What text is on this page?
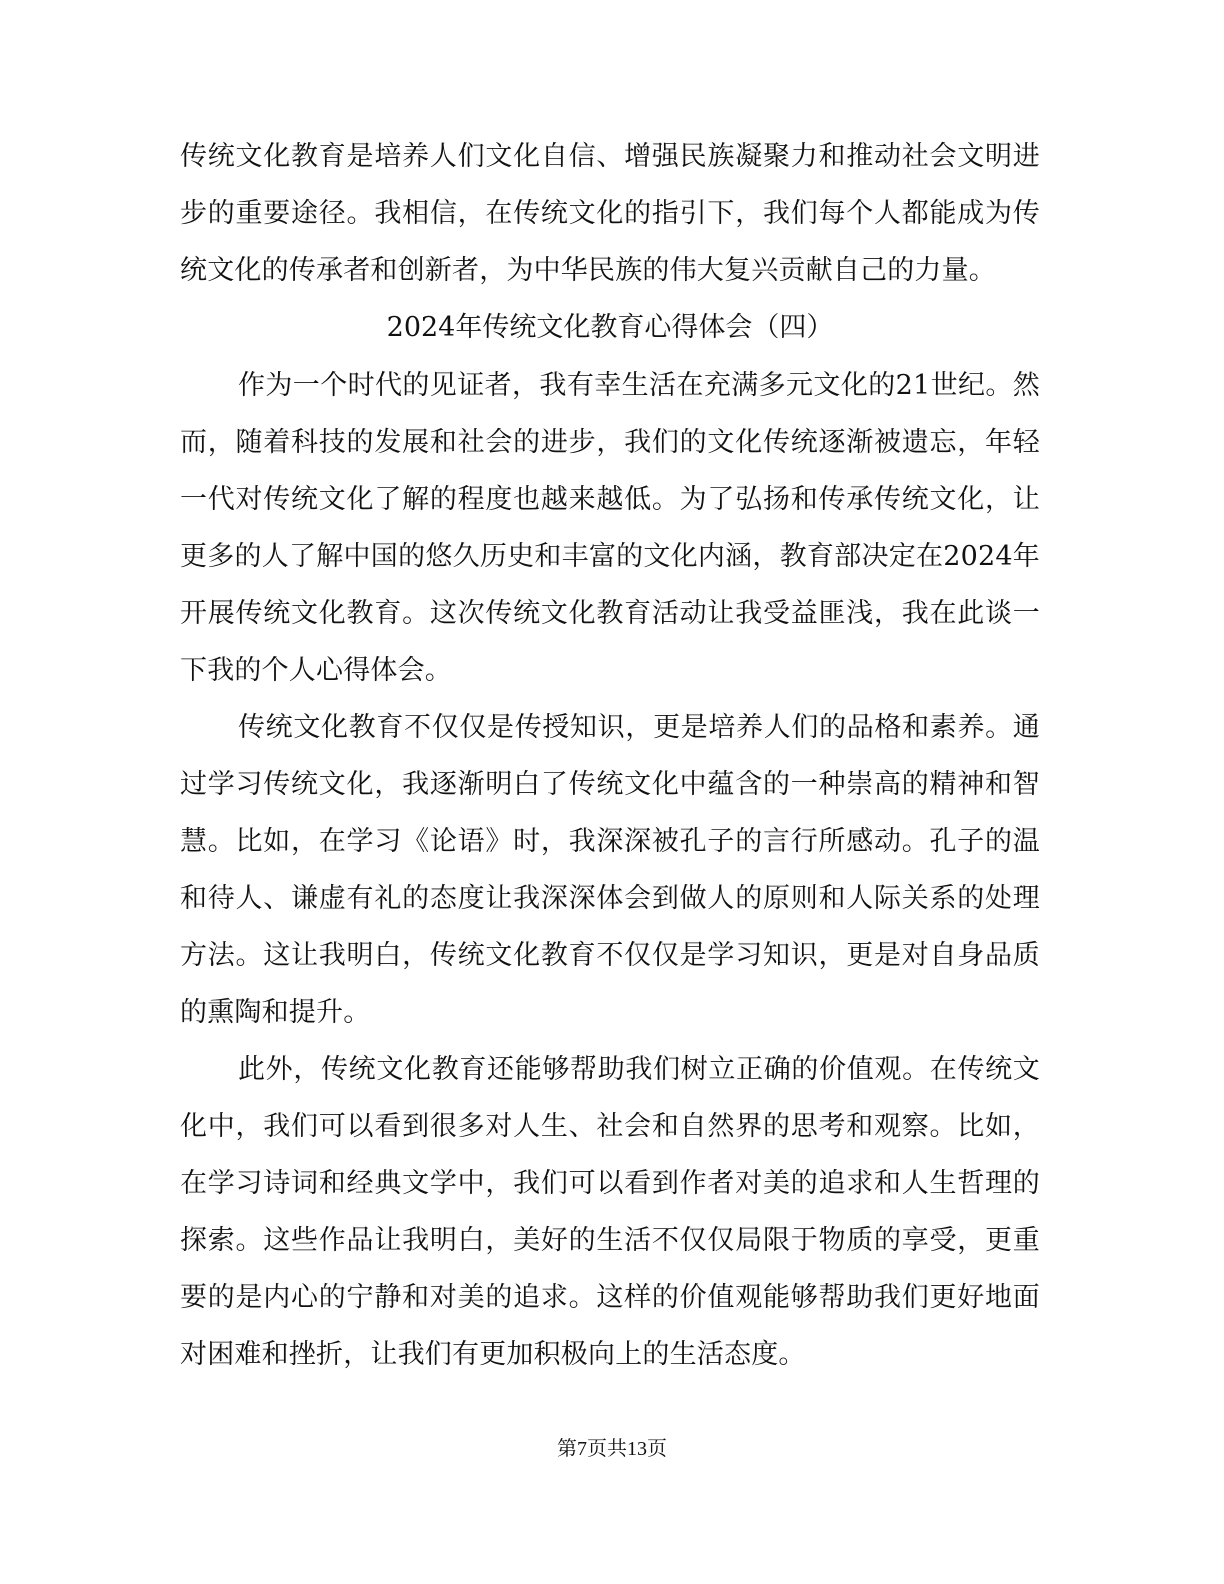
传统文化教育是培养人们文化自信、增强民族凝聚力和推动社会文明进步的重要途径。我相信，在传统文化的指引下，我们每个人都能成为传统文化的传承者和创新者，为中华民族的伟大复兴贡献自己的力量。

2024年传统文化教育心得体会（四）

作为一个时代的见证者，我有幸生活在充满多元文化的21世纪。然而，随着科技的发展和社会的进步，我们的文化传统逐渐被遗忘，年轻一代对传统文化了解的程度也越来越低。为了弘扬和传承传统文化，让更多的人了解中国的悠久历史和丰富的文化内涵，教育部决定在2024年开展传统文化教育。这次传统文化教育活动让我受益匪浅，我在此谈一下我的个人心得体会。

传统文化教育不仅仅是传授知识，更是培养人们的品格和素养。通过学习传统文化，我逐渐明白了传统文化中蕴含的一种崇高的精神和智慧。比如，在学习《论语》时，我深深被孔子的言行所感动。孔子的温和待人、谦虚有礼的态度让我深深体会到做人的原则和人际关系的处理方法。这让我明白，传统文化教育不仅仅是学习知识，更是对自身品质的熏陶和提升。

此外，传统文化教育还能够帮助我们树立正确的价值观。在传统文化中，我们可以看到很多对人生、社会和自然界的思考和观察。比如，在学习诗词和经典文学中，我们可以看到作者对美的追求和人生哲理的探索。这些作品让我明白，美好的生活不仅仅局限于物质的享受，更重要的是内心的宁静和对美的追求。这样的价值观能够帮助我们更好地面对困难和挫折，让我们有更加积极向上的生活态度。

第7页共13页
